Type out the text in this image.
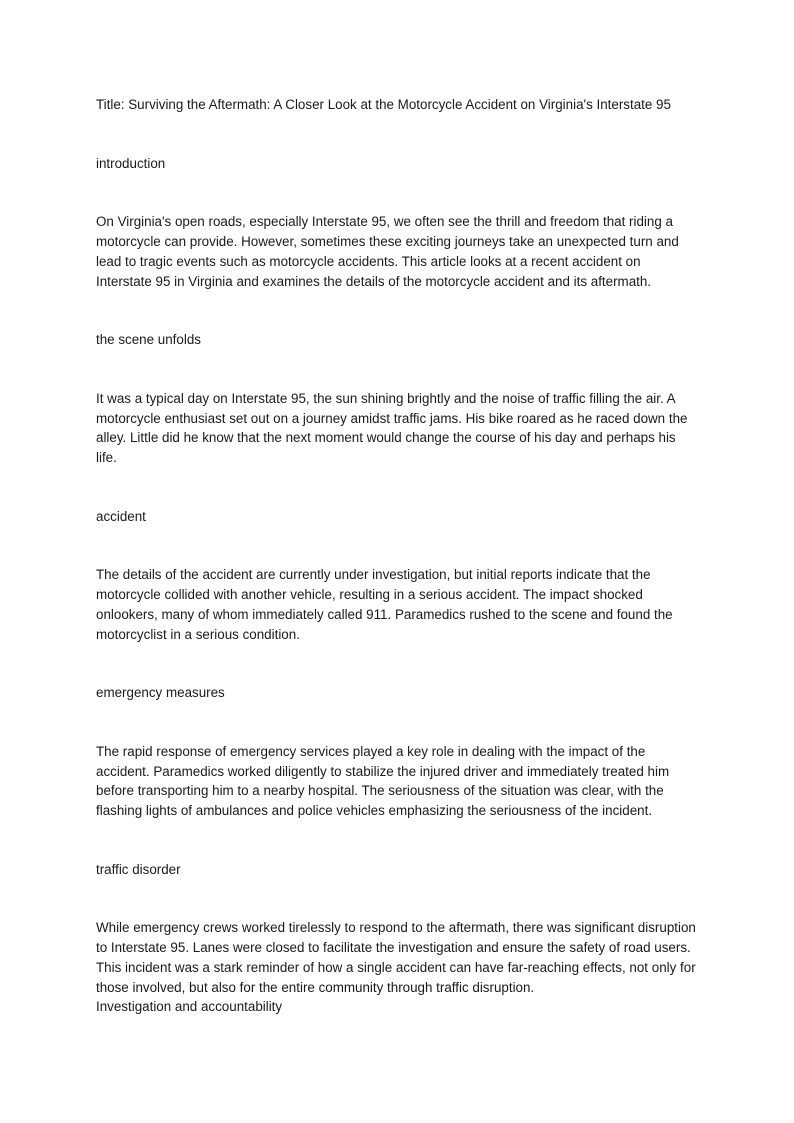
Title: Surviving the Aftermath: A Closer Look at the Motorcycle Accident on Virginia's Interstate 95

introduction

On Virginia's open roads, especially Interstate 95, we often see the thrill and freedom that riding a motorcycle can provide. However, sometimes these exciting journeys take an unexpected turn and lead to tragic events such as motorcycle accidents. This article looks at a recent accident on Interstate 95 in Virginia and examines the details of the motorcycle accident and its aftermath.

the scene unfolds

It was a typical day on Interstate 95, the sun shining brightly and the noise of traffic filling the air. A motorcycle enthusiast set out on a journey amidst traffic jams. His bike roared as he raced down the alley. Little did he know that the next moment would change the course of his day and perhaps his life.

accident

The details of the accident are currently under investigation, but initial reports indicate that the motorcycle collided with another vehicle, resulting in a serious accident. The impact shocked onlookers, many of whom immediately called 911. Paramedics rushed to the scene and found the motorcyclist in a serious condition.

emergency measures

The rapid response of emergency services played a key role in dealing with the impact of the accident. Paramedics worked diligently to stabilize the injured driver and immediately treated him before transporting him to a nearby hospital. The seriousness of the situation was clear, with the flashing lights of ambulances and police vehicles emphasizing the seriousness of the incident.

traffic disorder

While emergency crews worked tirelessly to respond to the aftermath, there was significant disruption to Interstate 95. Lanes were closed to facilitate the investigation and ensure the safety of road users. This incident was a stark reminder of how a single accident can have far-reaching effects, not only for those involved, but also for the entire community through traffic disruption.

Investigation and accountability
